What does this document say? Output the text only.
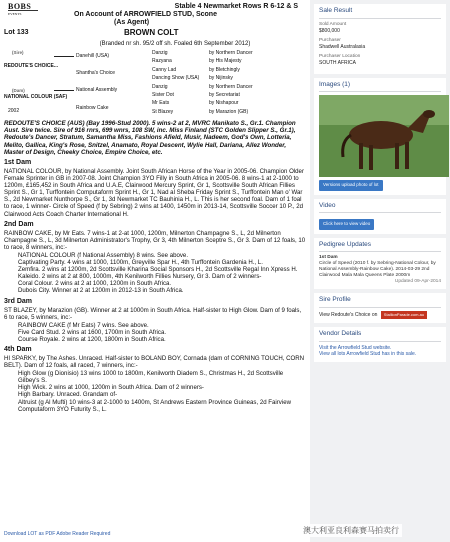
BOBS
EVENTS
Stable 4 Newmarket Rows R 6-12 & S
On Account of ARROWFIELD STUD, Scone
(As Agent)
Lot 133	BROWN COLT
(Branded nr sh. 95/2 off sh. Foaled 6th September 2012)
(Sire)
REDOUTE'S CHOICE...
(Dam)
NATIONAL COLOUR (SAF)
2002
Danehill (USA)
Shantha's Choice
National Assembly
Rainbow Cake
Danzig
Razyana
Canny Lad
Dancing Show (USA)
Danzig
Sister Dot
Mr Eats
St Blazey
by Northern Dancer
by His Majesty
by Bletchingly
by Nijinsky
by Northern Dancer
by Secretariat
by Nishapour
by Marazion (GB)
REDOUTE'S CHOICE (AUS) (Bay 1996-Stud 2000). 5 wins-2 at 2, MVRC Manikato S., Gr.1. Champion Aust. Sire twice. Sire of 916 rnrs, 699 wnrs, 108 SW, inc. Miss Finland (STC Golden Slipper S., Gr.1), Redoute's Dancer, Stratum, Samantha Miss, Fashions Afield, Musir, Nadeem, God's Own, Lotteria, Melito, Gallica, King's Rose, Snitzel, Anamato, Royal Descent, Wylie Hall, Dariana, Allez Wonder, Master of Design, Cheeky Choice, Empire Choice, etc.
1st Dam
NATIONAL COLOUR, by National Assembly. Joint South African Horse of the Year in 2005-06. Champion Older Female Sprinter in GB in 2007-08. Joint Champion 3YO Filly in South Africa in 2005-06. 8 wins-1 at 2-1000 to 1200m, £165,452 in South Africa and U.A.E, Clairwood Mercury Sprint, Gr 1, Scottsville South African Fillies Sprint S., Gr 1, Turffontein Computaform Sprint H., Gr 1, Nad al Sheba Friday Sprint S., Turffontein Man o' War S., 2d Newmarket Nunthorpe S., Gr 1, 3d Newmarket TC Bauhinia H., L. This is her second foal. Dam of 1 foal to race, 1 winner- Circle of Speed (f by Sebring) 2 wins at 1400, 1450m in 2013-14, Scottsville Soccer 10 P., 2d Clairwood Acts Coach Charter International H.
2nd Dam
RAINBOW CAKE, by Mr Eats. 7 wins-1 at 2-at 1000, 1200m, Milnerton Champagne S., L, 2d Milnerton Champagne S., L, 3d Milnerton Administrator's Trophy, Gr 3, 4th Milnerton Sceptre S., Gr 3. Dam of 12 foals, 10 to race, 8 winners, inc:-
NATIONAL COLOUR (f National Assembly) 8 wins. See above.
Captivating Party. 4 wins at 1000, 1100m, Greyville Spar H., 4th Turffontein Gardenia H., L.
Zemfira. 2 wins at 1200m, 2d Scottsville Kharina Social Sponsors H., 2d Scottsville Regal Inn Xpress H.
Kaleido. 2 wins at 2 at 800, 1000m, 4th Kenilworth Fillies Nursery, Gr 3. Dam of 2 winners-
Coral Colour. 2 wins at 2 at 1000, 1200m in South Africa.
Dubois City. Winner at 2 at 1200m in 2012-13 in South Africa.
3rd Dam
ST BLAZEY, by Marazion (GB). Winner at 2 at 1000m in South Africa. Half-sister to High Glow. Dam of 9 foals, 6 to race, 5 winners, inc:-
RAINBOW CAKE (f Mr Eats) 7 wins. See above.
Five Card Stud. 2 wins at 1600, 1700m in South Africa.
Course Royale. 2 wins at 1200, 1800m in South Africa.
4th Dam
HI SPARKY, by The Ashes. Unraced. Half-sister to BOLAND BOY, Cornada (dam of CORNING TOUCH, CORN BELT). Dam of 12 foals, all raced, 7 winners, inc:-
High Glow (g Dionisio) 13 wins 1000 to 1800m, Kenilworth Diadem S., Christmas H., 2d Scottsville Gilbey's S.
High Wick. 2 wins at 1000, 1200m in South Africa. Dam of 2 winners-
High Barbary. Unraced. Grandam of-
Altruist (g Al Mufti) 10 wins-3 at 2-1000 to 1400m, St Andrews Eastern Province Guineas, 2d Fairview Computaform 3YO Futurity S., L.
Download LOT as PDF Adobe Reader Required
Sale Result
Sold Amount
$800,000
Purchaser
Shadwell Australasia
Purchaser Location
SOUTH AFRICA
Images (1)
Versions upload photo of lot
Video
Click here to view video
Pedigree Updates
1st Dam
Circle of Speed (2010 f. by Sebring-National Colour, by National Assembly-Rainbow Cake). 2014-03-29 2nd Clairwood Mala Mala Queens Plate 2000m
Updated 09-Apr-2014
Sire Profile
View Redoute's Choice on StallionParade.com.au
Vendor Details
Visit the Arrowfield Stud website.
View all lots Arrowfield Stud has in this sale.
澳大利亚良利森赛马拍卖行
